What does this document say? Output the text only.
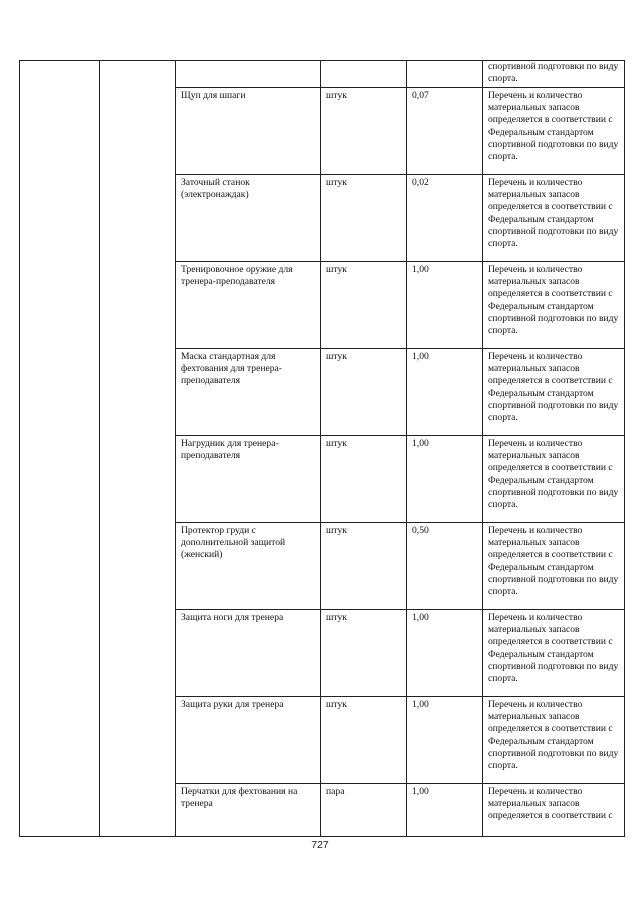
					спортивной подготовки по виду спорта.

		Щуп для шпаги	штук	0,07	Перечень и количество материальных запасов определяется в соответствии с Федеральным стандартом спортивной подготовки по виду спорта.

		Заточный станок (электронаждак)	штук	0,02	Перечень и количество материальных запасов определяется в соответствии с Федеральным стандартом спортивной подготовки по виду спорта.

		Тренировочное оружие для тренера-преподавателя	штук	1,00	Перечень и количество материальных запасов определяется в соответствии с Федеральным стандартом спортивной подготовки по виду спорта.

		Маска стандартная для фехтования для тренера-преподавателя	штук	1,00	Перечень и количество материальных запасов определяется в соответствии с Федеральным стандартом спортивной подготовки по виду спорта.

		Нагрудник для тренера-преподавателя	штук	1,00	Перечень и количество материальных запасов определяется в соответствии с Федеральным стандартом спортивной подготовки по виду спорта.

		Протектор груди с дополнительной защитой (женский)	штук	0,50	Перечень и количество материальных запасов определяется в соответствии с Федеральным стандартом спортивной подготовки по виду спорта.

		Защита ноги для тренера	штук	1,00	Перечень и количество материальных запасов определяется в соответствии с Федеральным стандартом спортивной подготовки по виду спорта.

		Защита руки для тренера	штук	1,00	Перечень и количество материальных запасов определяется в соответствии с Федеральным стандартом спортивной подготовки по виду спорта.

		Перчатки для фехтования на тренера	пара	1,00	Перечень и количество материальных запасов определяется в соответствии с
727
